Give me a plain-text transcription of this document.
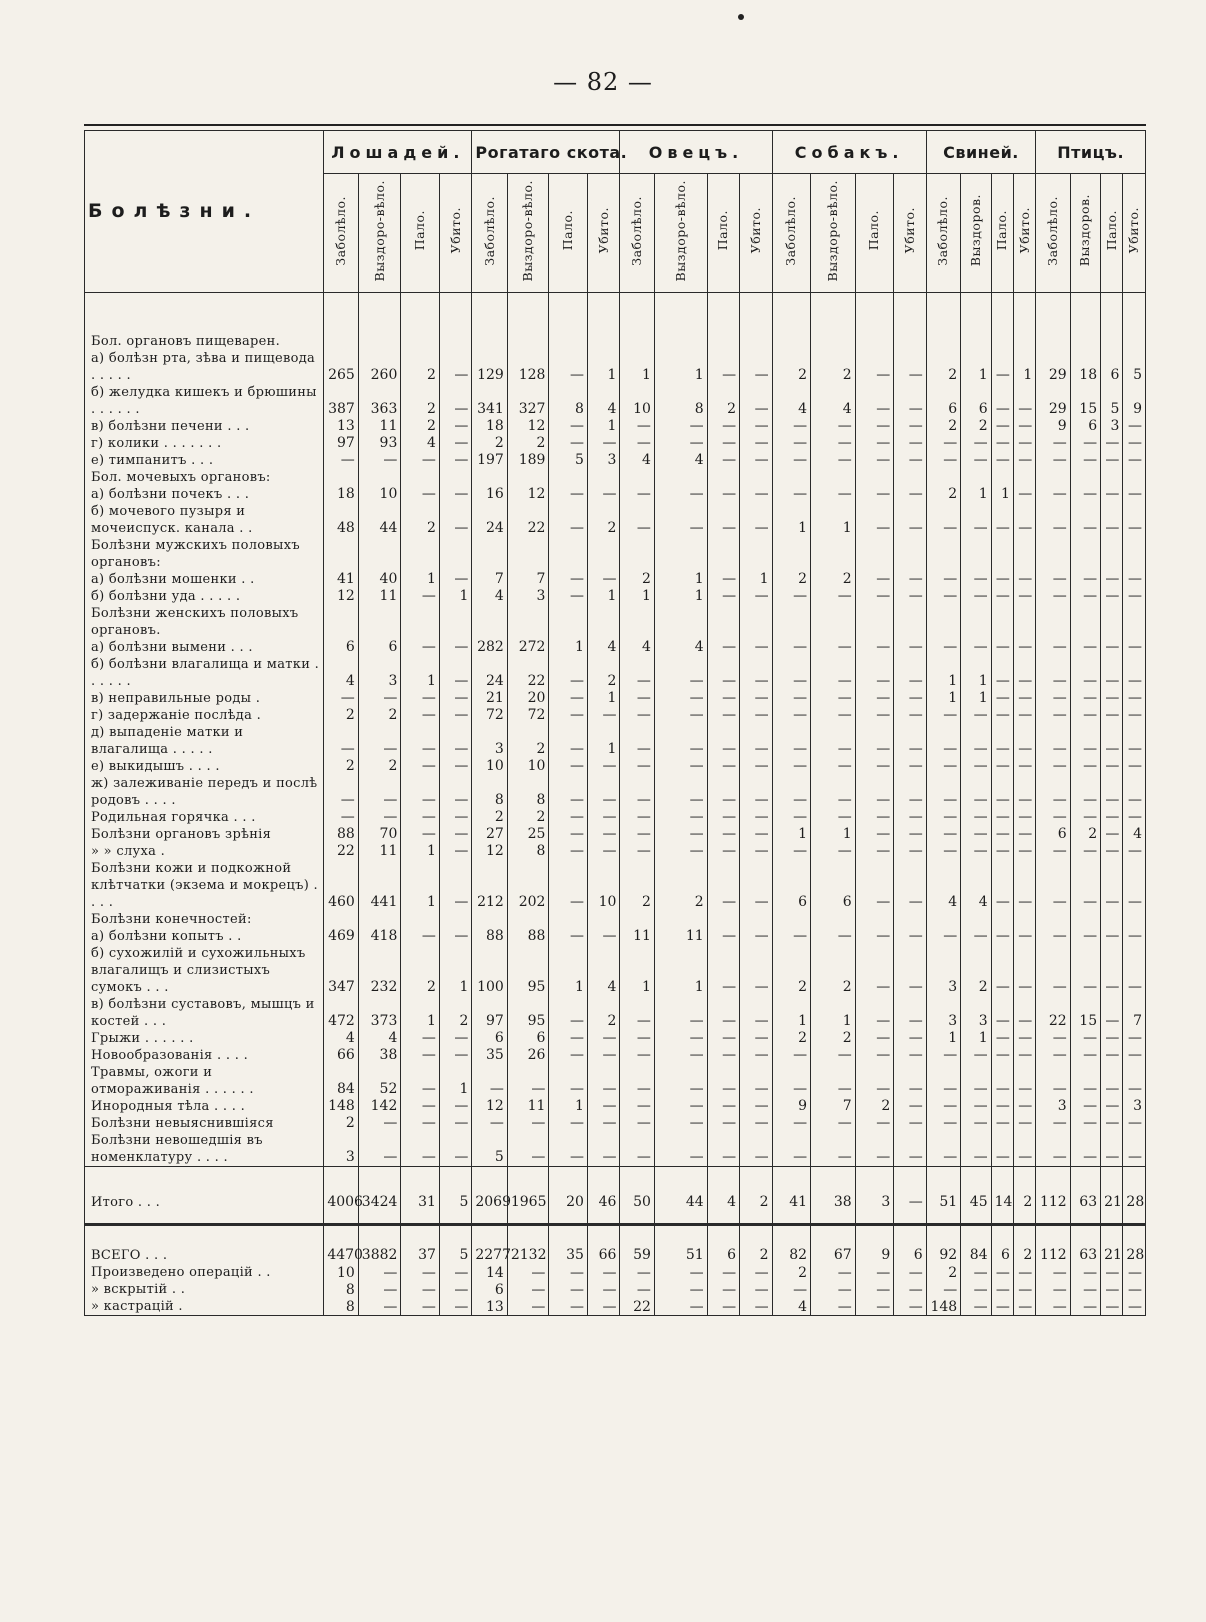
— 82 —
Болѣзни.	Лошадей.				Рогатаго скота.				Овецъ.				Собакъ.				Свиней.				Птицъ.			
	Заболѣло.	Выздоро-вѣло.	Пало.	Убито.	Заболѣло.	Выздоро-вѣло.	Пало.	Убито.	Заболѣло.	Выздоро-вѣло.	Пало.	Убито.	Заболѣло.	Выздоро-вѣло.	Пало.	Убито.	Заболѣло.	Выздоров.	Пало.	Убито.	Заболѣло.	Выздоров.	Пало.	Убито.

Бол. органовъ пищеварен.																								
а) болѣзн рта, зѣва и пищевода . . . . .	265	260	2	—	129	128	—	1	1	1	—	—	2	2	—	—	2	1	—	1	29	18	6	5
б) желудка кишекъ и брюшины . . . . . .	387	363	2	—	341	327	8	4	10	8	2	—	4	4	—	—	6	6	—	—	29	15	5	9
в) болѣзни печени . . .	13	11	2	—	18	12	—	1	—	—	—	—	—	—	—	—	2	2	—	—	9	6	3	—
г) колики . . . . . . .	97	93	4	—	2	2	—	—	—	—	—	—	—	—	—	—	—	—	—	—	—	—	—	—
е) тимпанитъ . . .	—	—	—	—	197	189	5	3	4	4	—	—	—	—	—	—	—	—	—	—	—	—	—	—
Бол. мочевыхъ органовъ:																								
а) болѣзни почекъ . . .	18	10	—	—	16	12	—	—	—	—	—	—	—	—	—	—	2	1	1	—	—	—	—	—
б) мочевого пузыря и мочеиспуск. канала . .	48	44	2	—	24	22	—	2	—	—	—	—	1	1	—	—	—	—	—	—	—	—	—	—
Болѣзни мужскихъ половыхъ органовъ:																								
а) болѣзни мошенки . .	41	40	1	—	7	7	—	—	2	1	—	1	2	2	—	—	—	—	—	—	—	—	—	—
б) болѣзни уда . . . . .	12	11	—	1	4	3	—	1	1	1	—	—	—	—	—	—	—	—	—	—	—	—	—	—
Болѣзни женскихъ половыхъ органовъ.																								
а) болѣзни вымени . . .	6	6	—	—	282	272	1	4	4	4	—	—	—	—	—	—	—	—	—	—	—	—	—	—
б) болѣзни влагалища и матки . . . . . .	4	3	1	—	24	22	—	2	—	—	—	—	—	—	—	—	1	1	—	—	—	—	—	—
в) неправильные роды .	—	—	—	—	21	20	—	1	—	—	—	—	—	—	—	—	1	1	—	—	—	—	—	—
г) задержаніе послѣда .	2	2	—	—	72	72	—	—	—	—	—	—	—	—	—	—	—	—	—	—	—	—	—	—
д) выпаденіе матки и влагалища . . . . .	—	—	—	—	3	2	—	1	—	—	—	—	—	—	—	—	—	—	—	—	—	—	—	—
е) выкидышъ . . . .	2	2	—	—	10	10	—	—	—	—	—	—	—	—	—	—	—	—	—	—	—	—	—	—
ж) залеживаніе передъ и послѣ родовъ . . . .	—	—	—	—	8	8	—	—	—	—	—	—	—	—	—	—	—	—	—	—	—	—	—	—
Родильная горячка . . .	—	—	—	—	2	2	—	—	—	—	—	—	—	—	—	—	—	—	—	—	—	—	—	—
Болѣзни органовъ зрѣнія	88	70	—	—	27	25	—	—	—	—	—	—	1	1	—	—	—	—	—	—	6	2	—	4
» » слуха .	22	11	1	—	12	8	—	—	—	—	—	—	—	—	—	—	—	—	—	—	—	—	—	—
Болѣзни кожи и подкожной клѣтчатки (экзема и мокрецъ) . . . .	460	441	1	—	212	202	—	10	2	2	—	—	6	6	—	—	4	4	—	—	—	—	—	—
Болѣзни конечностей:																								
а) болѣзни копытъ . .	469	418	—	—	88	88	—	—	11	11	—	—	—	—	—	—	—	—	—	—	—	—	—	—
б) сухожилій и сухожильныхъ влагалищъ и слизистыхъ сумокъ . . .	347	232	2	1	100	95	1	4	1	1	—	—	2	2	—	—	3	2	—	—	—	—	—	—
в) болѣзни суставовъ, мышцъ и костей . . .	472	373	1	2	97	95	—	2	—	—	—	—	1	1	—	—	3	3	—	—	22	15	—	7
Грыжи . . . . . .	4	4	—	—	6	6	—	—	—	—	—	—	2	2	—	—	1	1	—	—	—	—	—	—
Новообразованія . . . .	66	38	—	—	35	26	—	—	—	—	—	—	—	—	—	—	—	—	—	—	—	—	—	—
Травмы, ожоги и отмораживанія . . . . . .	84	52	—	1	—	—	—	—	—	—	—	—	—	—	—	—	—	—	—	—	—	—	—	—
Инородныя тѣла . . . .	148	142	—	—	12	11	1	—	—	—	—	—	9	7	2	—	—	—	—	—	3	—	—	3
Болѣзни невыяснившіяся	2	—	—	—	—	—	—	—	—	—	—	—	—	—	—	—	—	—	—	—	—	—	—	—
Болѣзни невошедшія въ номенклатуру . . . .	3	—	—	—	5	—	—	—	—	—	—	—	—	—	—	—	—	—	—	—	—	—	—	—
Итого . . .	4006	3424	31	5	2069	1965	20	46	50	44	4	2	41	38	3	—	51	45	14	2	112	63	21	28

ВСЕГО . . .	4470	3882	37	5	2277	2132	35	66	59	51	6	2	82	67	9	6	92	84	6	2	112	63	21	28
Произведено операцій . .	10	—	—	—	14	—	—	—	—	—	—	—	2	—	—	—	2	—	—	—	—	—	—	—
» вскрытій . .	8	—	—	—	6	—	—	—	—	—	—	—	—	—	—	—	—	—	—	—	—	—	—	—
» кастрацій .	8	—	—	—	13	—	—	—	22	—	—	—	4	—	—	—	148	—	—	—	—	—	—	—
